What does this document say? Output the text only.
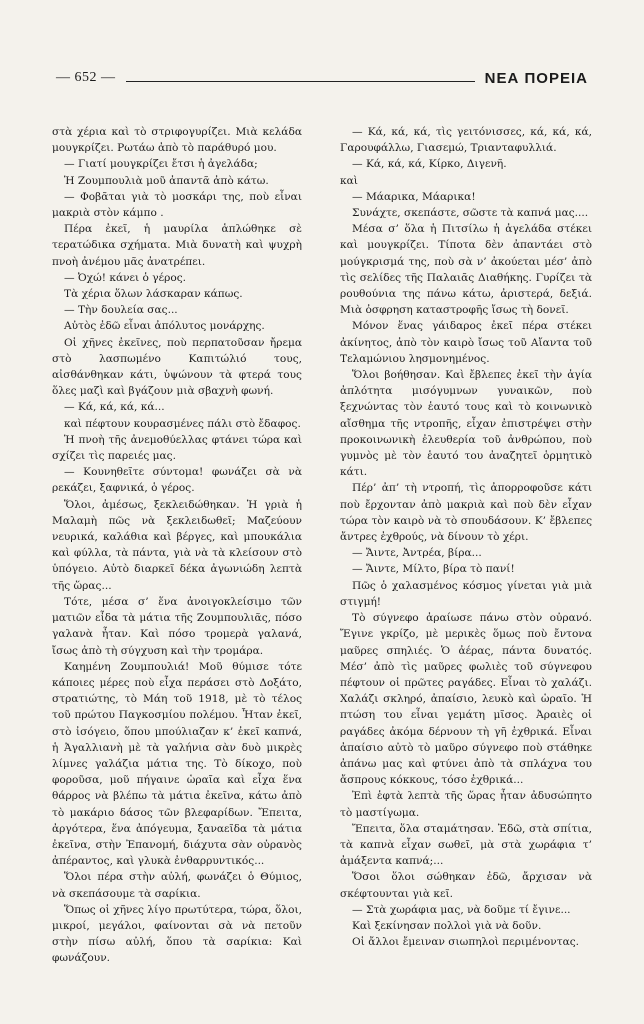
— 652 —	ΝΕΑ ΠΟΡΕΙΑ

στὰ χέρια καὶ τὸ στριφογυρίζει. Μιὰ κελάδα μουγκρίζει. Ρωτάω ἀπὸ τὸ παράθυρό μου.

— Γιατί μουγκρίζει ἔτσι ἡ ἀγελάδα;

Ἡ Ζουμπουλιὰ μοῦ ἀπαντᾶ ἀπὸ κάτω.

— Φοβᾶται γιὰ τὸ μοσκάρι της, ποὺ εἶναι μακριὰ στὸν κάμπο .

Πέρα ἐκεῖ, ἡ μαυρίλα ἁπλώθηκε σὲ τερατώδικα σχήματα. Μιὰ δυνατὴ καὶ ψυχρὴ πνοὴ ἀνέμου μᾶς ἀνατρέπει.

— Ὀχώ! κάνει ὁ γέρος.

Τὰ χέρια ὅλων λάσκαραν κάπως.

— Τὴν δουλεία σας...

Αὐτὸς ἐδῶ εἶναι ἀπόλυτος μονάρχης.

Οἱ χῆνες ἐκεῖνες, ποὺ περπατοῦσαν ἤρεμα στὸ λασπωμένο Καπιτώλιό τους, αἰσθάνθηκαν κάτι, ὑψώνουν τὰ φτερά τους ὅλες μαζὶ καὶ βγάζουν μιὰ σβαχνὴ φωνή.

— Κά, κά, κά, κά...

καὶ πέφτουν κουρασμένες πάλι στὸ ἔδαφος.

Ἡ πνοὴ τῆς ἀνεμοθύελλας φτάνει τώρα καὶ σχίζει τὶς παρειές μας.

— Κουνηθεῖτε σύντομα! φωνάζει σὰ νὰ ρεκάζει, ξαφνικά, ὁ γέρος.

Ὅλοι, ἀμέσως, ξεκλειδώθηκαν. Ἡ γριὰ ἡ Μαλαμὴ πῶς νὰ ξεκλειδωθεῖ; Μαζεύουν νευρικά, καλάθια καὶ βέργες, καὶ μπουκάλια καὶ φύλλα, τὰ πάντα, γιὰ νὰ τὰ κλείσουν στὸ ὑπόγειο. Αὐτὸ διαρκεῖ δέκα ἀγωνιώδη λεπτὰ τῆς ὥρας...

Τότε, μέσα σ’ ἕνα ἀνοιγοκλείσιμο τῶν ματιῶν εἶδα τὰ μάτια τῆς Ζουμπουλιᾶς, πόσο γαλανὰ ἦταν. Καὶ πόσο τρομερὰ γαλανά, ἴσως ἀπὸ τὴ σύγχυση καὶ τὴν τρομάρα.

Καημένη Ζουμπουλιά! Μοῦ θύμισε τότε κάποιες μέρες ποὺ εἶχα περάσει στὸ Δοξάτο, στρατιώτης, τὸ Μάη τοῦ 1918, μὲ τὸ τέλος τοῦ πρώτου Παγκοσμίου πολέμου. Ἦταν ἐκεῖ, στὸ ἰσόγειο, ὅπου μπούλιαζαν κ’ ἐκεῖ καπνά, ἡ Ἀγαλλιανὴ μὲ τὰ γαλήνια σὰν δυὸ μικρὲς λίμνες γαλάζια μάτια της. Τὸ δίκοχο, ποὺ φοροῦσα, μοῦ πήγαινε ὡραῖα καὶ εἶχα ἕνα θάρρος νὰ βλέπω τὰ μάτια ἐκεῖνα, κάτω ἀπὸ τὸ μακάριο δάσος τῶν βλεφαρίδων. Ἔπειτα, ἀργότερα, ἕνα ἀπόγευμα, ξαναεῖδα τὰ μάτια ἐκεῖνα, στὴν Ἐπανομή, διάχυτα σὰν οὐρανὸς ἀπέραντος, καὶ γλυκὰ ἐνθαρρυντικός...

Ὅλοι πέρα στὴν αὐλή, φωνάζει ὁ Θύμιος, νὰ σκεπάσουμε τὰ σαρίκια.

Ὅπως οἱ χῆνες λίγο πρωτύτερα, τώρα, ὅλοι, μικροί, μεγάλοι, φαίνονται σὰ νὰ πετοῦν στὴν πίσω αὐλή, ὅπου τὰ σαρίκια: Καὶ φωνάζουν.

— Κά, κά, κά, τὶς γειτόνισσες, κά, κά, κά, Γαρουφάλλω, Γιασεμώ, Τριανταφυλλιά.

— Κά, κά, κά, Κίρκο, Διγενῆ.

καὶ

— Μάαρικα, Μάαρικα!

Συνάχτε, σκεπάστε, σῶστε τὰ καπνά μας....

Μέσα σ’ ὅλα ἡ Πιτσίλω ἡ ἀγελάδα στέκει καὶ μουγκρίζει. Τίποτα δὲν ἀπαντάει στὸ μούγκρισμά της, ποὺ σὰ ν’ ἀκούεται μέσ’ ἀπὸ τὶς σελίδες τῆς Παλαιᾶς Διαθήκης. Γυρίζει τὰ ρουθούνια της πάνω κάτω, ἀριστερά, δεξιά. Μιὰ ὀσφρηση καταστροφῆς ἴσως τὴ δονεῖ.

Μόνον ἕνας γάιδαρος ἐκεῖ πέρα στέκει ἀκίνητος, ἀπὸ τὸν καιρὸ ἴσως τοῦ Αἴαντα τοῦ Τελαμώνιου λησμονημένος.

Ὅλοι βοήθησαν. Καὶ ἔβλεπες ἐκεῖ τὴν ἁγία ἀπλότητα μισόγυμνων γυναικῶν, ποὺ ξεχνώντας τὸν ἑαυτό τους καὶ τὸ κοινωνικὸ αἴσθημα τῆς ντροπῆς, εἶχαν ἐπιστρέψει στὴν προκοινωνικὴ ἐλευθερία τοῦ ἀνθρώπου, ποὺ γυμνὸς μὲ τὸν ἑαυτό του ἀναζητεῖ ὁρμητικὸ κάτι.

Πέρ’ ἀπ’ τὴ ντροπή, τὶς ἀπορροφοῦσε κάτι ποὺ ἔρχονταν ἀπὸ μακριὰ καὶ ποὺ δὲν εἶχαν τώρα τὸν καιρὸ νὰ τὸ σπουδάσουν. Κ’ ἔβλεπες ἄντρες ἐχθρούς, νὰ δίνουν τὸ χέρι.

— Ἄιντε, Ἀντρέα, βίρα...

— Ἄιντε, Μίλτο, βίρα τὸ πανί!

Πῶς ὁ χαλασμένος κόσμος γίνεται γιὰ μιὰ στιγμή!

Τὸ σύγνεφο ἀραίωσε πάνω στὸν οὐρανό. Ἔγινε γκρίζο, μὲ μερικὲς ὅμως ποὺ ἔντονα μαῦρες σπηλιές. Ὁ ἀέρας, πάντα δυνατός. Μέσ’ ἀπὸ τὶς μαῦρες φωλιὲς τοῦ σύγνεφου πέφτουν οἱ πρῶτες ραγάδες. Εἶναι τὸ χαλάζι. Χαλάζι σκληρό, ἀπαίσιο, λευκὸ καὶ ὡραῖο. Ἡ πτώση του εἶναι γεμάτη μῖσος. Ἀραιὲς οἱ ραγάδες ἀκόμα δέρνουν τὴ γῆ ἐχθρικά. Εἶναι ἀπαίσιο αὐτὸ τὸ μαῦρο σύγνεφο ποὺ στάθηκε ἀπάνω μας καὶ φτύνει ἀπὸ τὰ σπλάχνα του ἄσπρους κόκκους, τόσο ἐχθρικά...

Ἐπὶ ἑφτὰ λεπτὰ τῆς ὥρας ἦταν ἀδυσώπητο τὸ μαστίγωμα.

Ἔπειτα, ὅλα σταμάτησαν. Ἐδῶ, στὰ σπίτια, τὰ καπνὰ εἶχαν σωθεῖ, μὰ στὰ χωράφια τ’ ἀμάξεντα καπνά;...

Ὅσοι ὅλοι σώθηκαν ἐδῶ, ἄρχισαν νὰ σκέφτουνται γιὰ κεῖ.

— Στὰ χωράφια μας, νὰ δοῦμε τί ἔγινε...

Καὶ ξεκίνησαν πολλοὶ γιὰ νὰ δοῦν.

Οἱ ἄλλοι ἔμειναν σιωπηλοὶ περιμένοντας.
